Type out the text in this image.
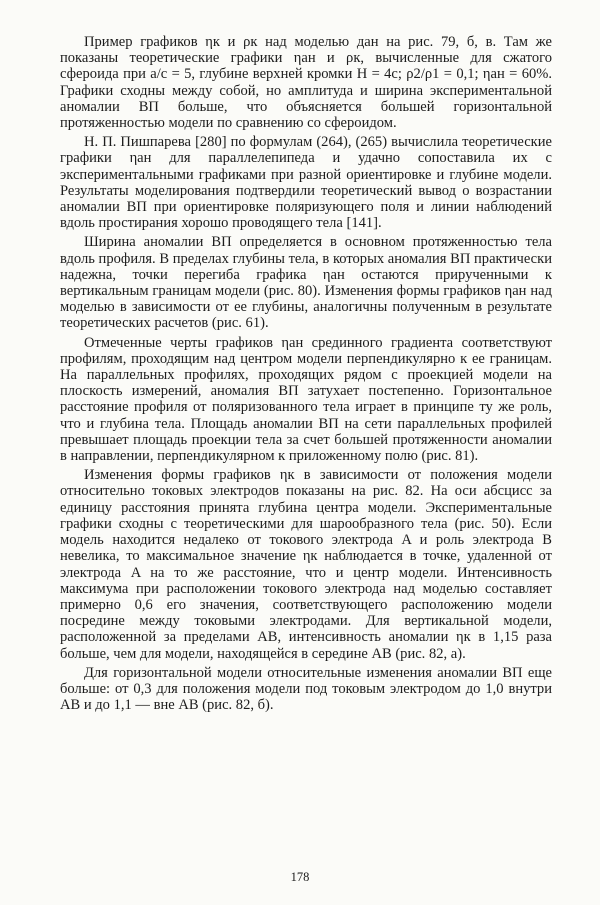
Пример графиков ηк и ρк над моделью дан на рис. 79, б, в. Там же показаны теоретические графики ηан и ρк, вычисленные для сжатого сфероида при a/c = 5, глубине верхней кромки H = 4c; ρ2/ρ1 = 0,1; ηан = 60%. Графики сходны между собой, но амплитуда и ширина экспериментальной аномалии ВП больше, что объясняется большей горизонтальной протяженностью модели по сравнению со сфероидом.

Н. П. Пишпарева [280] по формулам (264), (265) вычислила теоретические графики ηан для параллелепипеда и удачно сопоставила их с экспериментальными графиками при разной ориентировке и глубине модели. Результаты моделирования подтвердили теоретический вывод о возрастании аномалии ВП при ориентировке поляризующего поля и линии наблюдений вдоль простирания хорошо проводящего тела [141].

Ширина аномалии ВП определяется в основном протяженностью тела вдоль профиля. В пределах глубины тела, в которых аномалия ВП практически надежна, точки перегиба графика ηан остаются прирученными к вертикальным границам модели (рис. 80). Изменения формы графиков ηан над моделью в зависимости от ее глубины, аналогичны полученным в результате теоретических расчетов (рис. 61).

Отмеченные черты графиков ηан срединного градиента соответствуют профилям, проходящим над центром модели перпендикулярно к ее границам. На параллельных профилях, проходящих рядом с проекцией модели на плоскость измерений, аномалия ВП затухает постепенно. Горизонтальное расстояние профиля от поляризованного тела играет в принципе ту же роль, что и глубина тела. Площадь аномалии ВП на сети параллельных профилей превышает площадь проекции тела за счет большей протяженности аномалии в направлении, перпендикулярном к приложенному полю (рис. 81).

Изменения формы графиков ηк в зависимости от положения модели относительно токовых электродов показаны на рис. 82. На оси абсцисс за единицу расстояния принята глубина центра модели. Экспериментальные графики сходны с теоретическими для шарообразного тела (рис. 50). Если модель находится недалеко от токового электрода A и роль электрода B невелика, то максимальное значение ηк наблюдается в точке, удаленной от электрода A на то же расстояние, что и центр модели. Интенсивность максимума при расположении токового электрода над моделью составляет примерно 0,6 его значения, соответствующего расположению модели посредине между токовыми электродами. Для вертикальной модели, расположенной за пределами AB, интенсивность аномалии ηк в 1,15 раза больше, чем для модели, находящейся в середине AB (рис. 82, а).

Для горизонтальной модели относительные изменения аномалии ВП еще больше: от 0,3 для положения модели под токовым электродом до 1,0 внутри AB и до 1,1 — вне AB (рис. 82, б).

178
